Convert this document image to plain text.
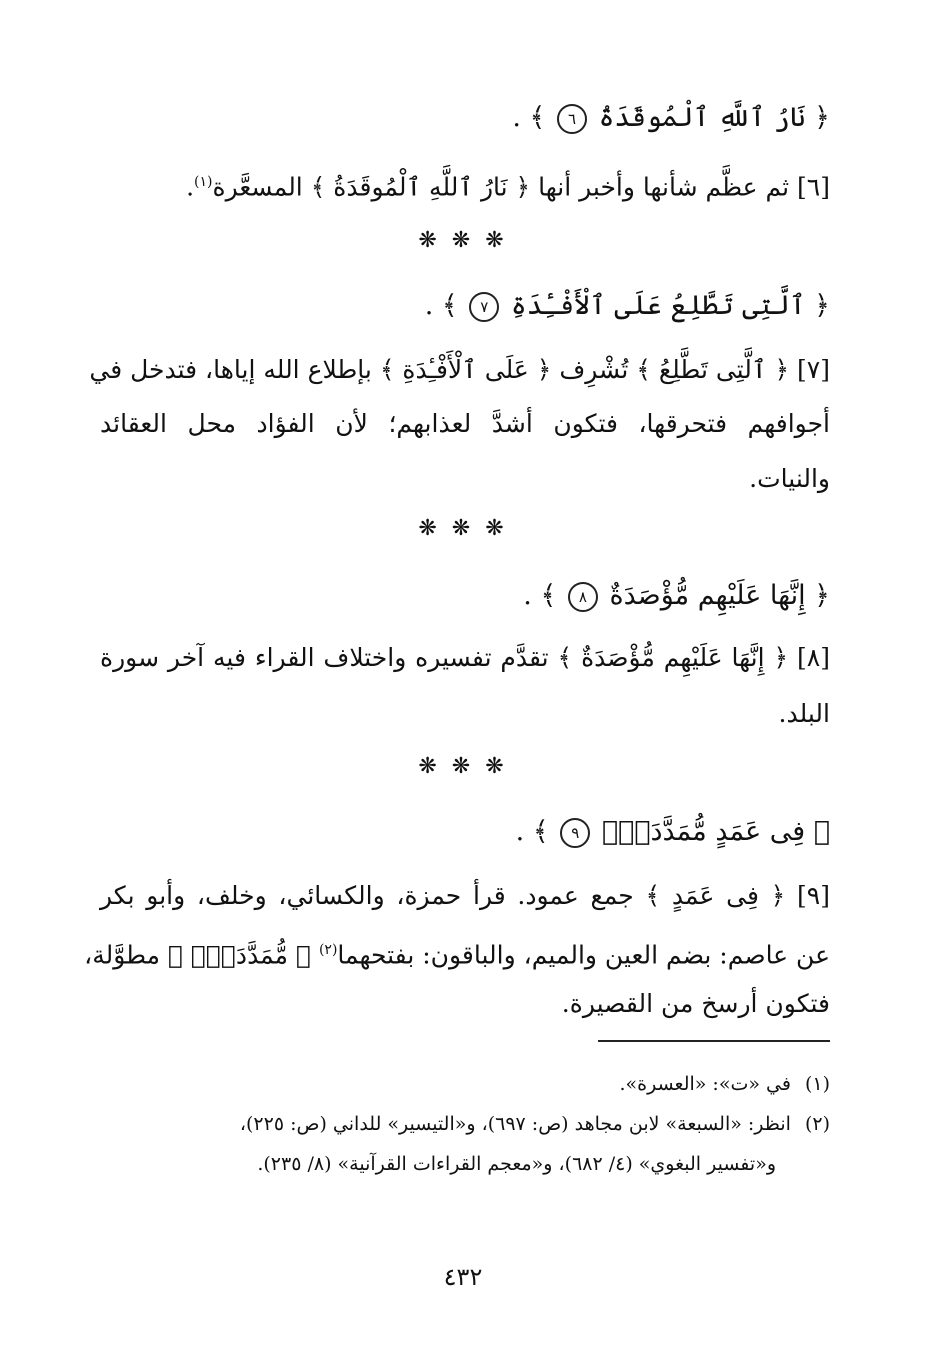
﴿ نَارُ ٱللَّهِ ٱلْمُوقَدَةُ ٦ ﴾ .
[٦] ثم عظَّم شأنها وأخبر أنها ﴿ نَارُ ٱللَّهِ ٱلْمُوقَدَةُ ﴾ المسعَّرة$^{(١)}$.
❋ ❋ ❋
﴿ ٱلَّتِى تَطَّلِعُ عَلَى ٱلْأَفْـِٔدَةِ ٧ ﴾ .
[٧] ﴿ ٱلَّتِى تَطَّلِعُ ﴾ تُشْرِف ﴿ عَلَى ٱلْأَفْـِٔدَةِ ﴾ بإطلاع الله إياها، فتدخل في
أجوافهم فتحرقها، فتكون أشدَّ لعذابهم؛ لأن الفؤاد محل العقائد
والنيات.
❋ ❋ ❋
﴿ إِنَّهَا عَلَيْهِم مُّؤْصَدَةٌ ٨ ﴾ .
[٨] ﴿ إِنَّهَا عَلَيْهِم مُّؤْصَدَةٌ ﴾ تقدَّم تفسيره واختلاف القراء فيه آخر سورة
البلد.
❋ ❋ ❋
﴿ فِى عَمَدٍ مُّمَدَّدَةٍۭ ٩ ﴾ .
[٩] ﴿ فِى عَمَدٍ ﴾ جمع عمود. قرأ حمزة، والكسائي، وخلف، وأبو بكر
عن عاصم: بضم العين والميم، والباقون: بفتحهما$^{(٢)}$ ﴿ مُّمَدَّدَةٍۭ ﴾ مطوَّلة،
فتكون أرسخ من القصيرة.
(١)في «ت»: «العسرة».
(٢)انظر: «السبعة» لابن مجاهد (ص: ٦٩٧)، و«التيسير» للداني (ص: ٢٢٥)،
و«تفسير البغوي» (٤/ ٦٨٢)، و«معجم القراءات القرآنية» (٨/ ٢٣٥).
٤٣٢
